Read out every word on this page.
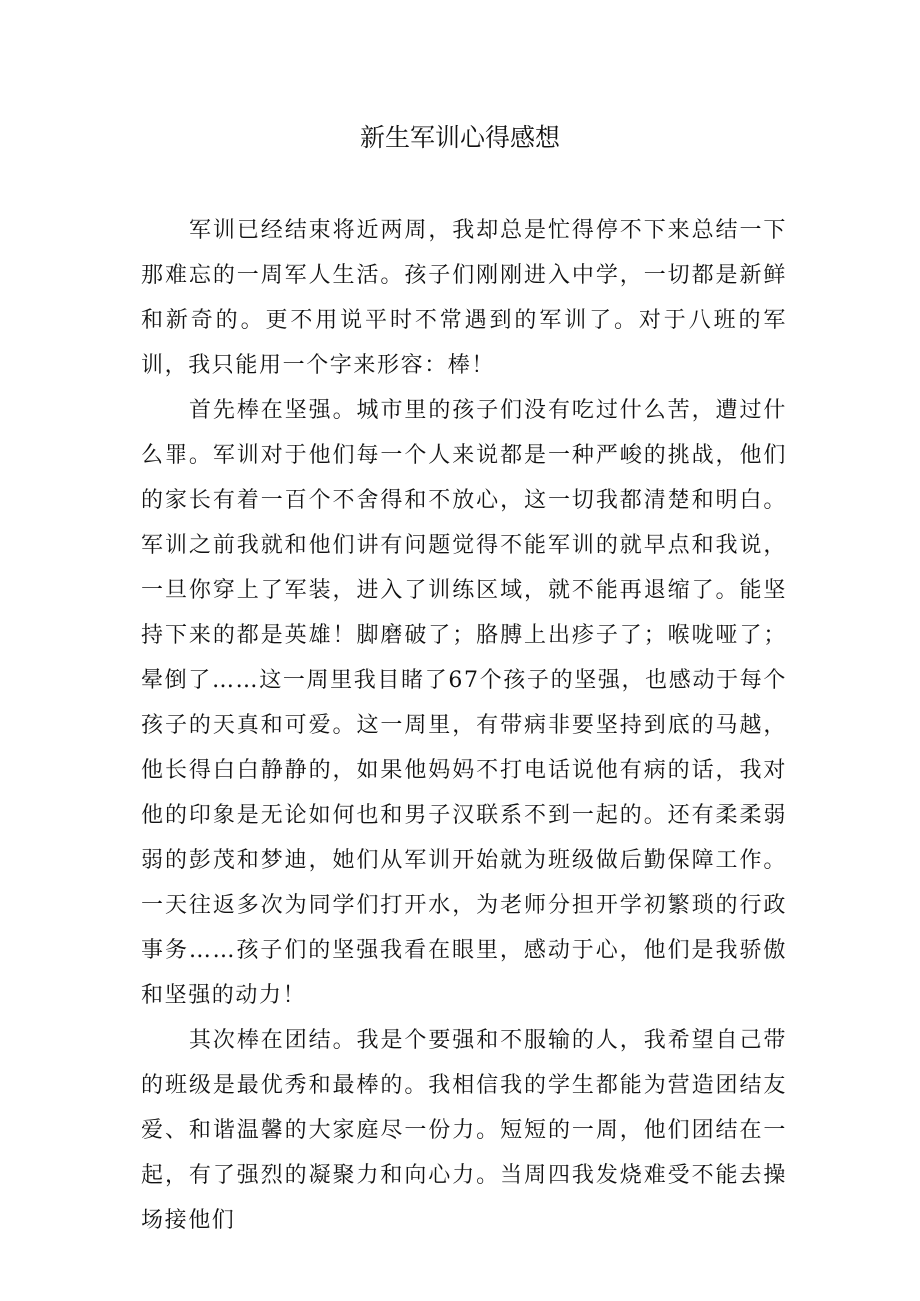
新生军训心得感想

军训已经结束将近两周，我却总是忙得停不下来总结一下那难忘的一周军人生活。孩子们刚刚进入中学，一切都是新鲜和新奇的。更不用说平时不常遇到的军训了。对于八班的军训，我只能用一个字来形容：棒！

首先棒在坚强。城市里的孩子们没有吃过什么苦，遭过什么罪。军训对于他们每一个人来说都是一种严峻的挑战，他们的家长有着一百个不舍得和不放心，这一切我都清楚和明白。军训之前我就和他们讲有问题觉得不能军训的就早点和我说，一旦你穿上了军装，进入了训练区域，就不能再退缩了。能坚持下来的都是英雄！脚磨破了；胳膊上出疹子了；喉咙哑了；晕倒了……这一周里我目睹了67个孩子的坚强，也感动于每个孩子的天真和可爱。这一周里，有带病非要坚持到底的马越，他长得白白静静的，如果他妈妈不打电话说他有病的话，我对他的印象是无论如何也和男子汉联系不到一起的。还有柔柔弱弱的彭茂和梦迪，她们从军训开始就为班级做后勤保障工作。一天往返多次为同学们打开水，为老师分担开学初繁琐的行政事务……孩子们的坚强我看在眼里，感动于心，他们是我骄傲和坚强的动力！

其次棒在团结。我是个要强和不服输的人，我希望自己带的班级是最优秀和最棒的。我相信我的学生都能为营造团结友爱、和谐温馨的大家庭尽一份力。短短的一周，他们团结在一起，有了强烈的凝聚力和向心力。当周四我发烧难受不能去操场接他们
